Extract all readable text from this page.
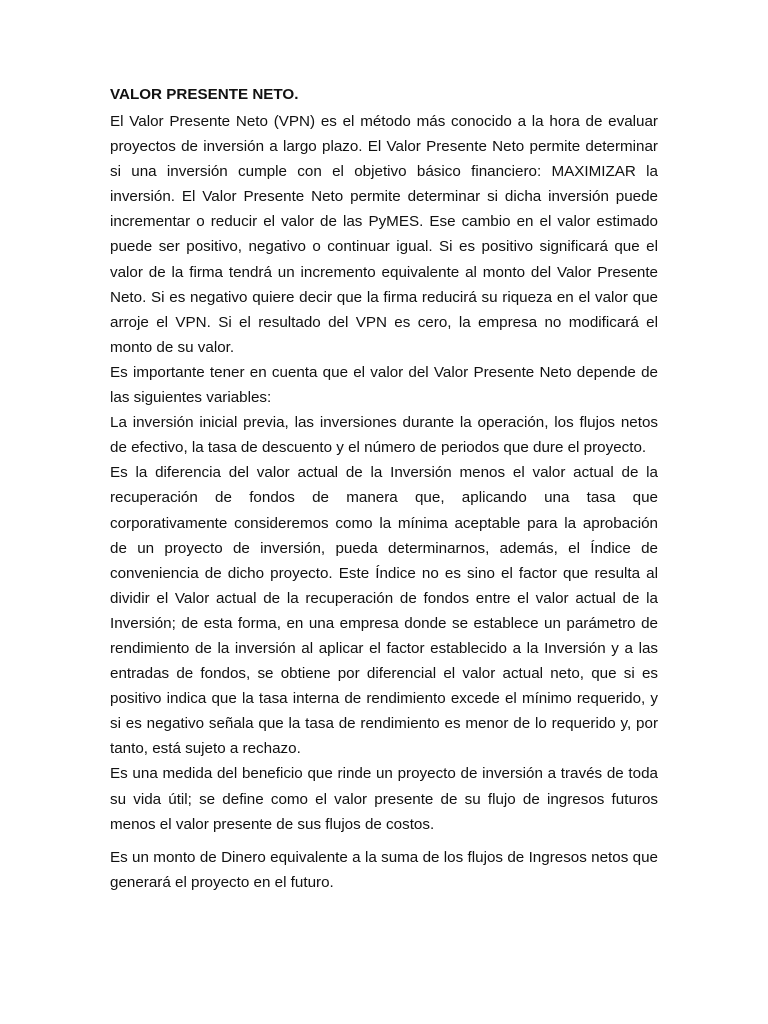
VALOR PRESENTE NETO.

El Valor Presente Neto (VPN) es el método más conocido a la hora de evaluar proyectos de inversión a largo plazo. El Valor Presente Neto permite determinar si una inversión cumple con el objetivo básico financiero: MAXIMIZAR la inversión. El Valor Presente Neto permite determinar si dicha inversión puede incrementar o reducir el valor de las PyMES. Ese cambio en el valor estimado puede ser positivo, negativo o continuar igual. Si es positivo significará que el valor de la firma tendrá un incremento equivalente al monto del Valor Presente Neto. Si es negativo quiere decir que la firma reducirá su riqueza en el valor que arroje el VPN. Si el resultado del VPN es cero, la empresa no modificará el monto de su valor.

Es importante tener en cuenta que el valor del Valor Presente Neto depende de las siguientes variables:

La inversión inicial previa, las inversiones durante la operación, los flujos netos de efectivo, la tasa de descuento y el número de periodos que dure el proyecto.

Es la diferencia del valor actual de la Inversión menos el valor actual de la recuperación de fondos de manera que, aplicando una tasa que corporativamente consideremos como la mínima aceptable para la aprobación de un proyecto de inversión, pueda determinarnos, además, el Índice de conveniencia de dicho proyecto. Este Índice no es sino el factor que resulta al dividir el Valor actual de la recuperación de fondos entre el valor actual de la Inversión; de esta forma, en una empresa donde se establece un parámetro de rendimiento de la inversión al aplicar el factor establecido a la Inversión y a las entradas de fondos, se obtiene por diferencial el valor actual neto, que si es positivo indica que la tasa interna de rendimiento excede el mínimo requerido, y si es negativo señala que la tasa de rendimiento es menor de lo requerido y, por tanto, está sujeto a rechazo.

Es una medida del beneficio que rinde un proyecto de inversión a través de toda su vida útil; se define como el valor presente de su flujo de ingresos futuros menos el valor presente de sus flujos de costos.

Es un monto de Dinero equivalente a la suma de los flujos de Ingresos netos que generará el proyecto en el futuro.
